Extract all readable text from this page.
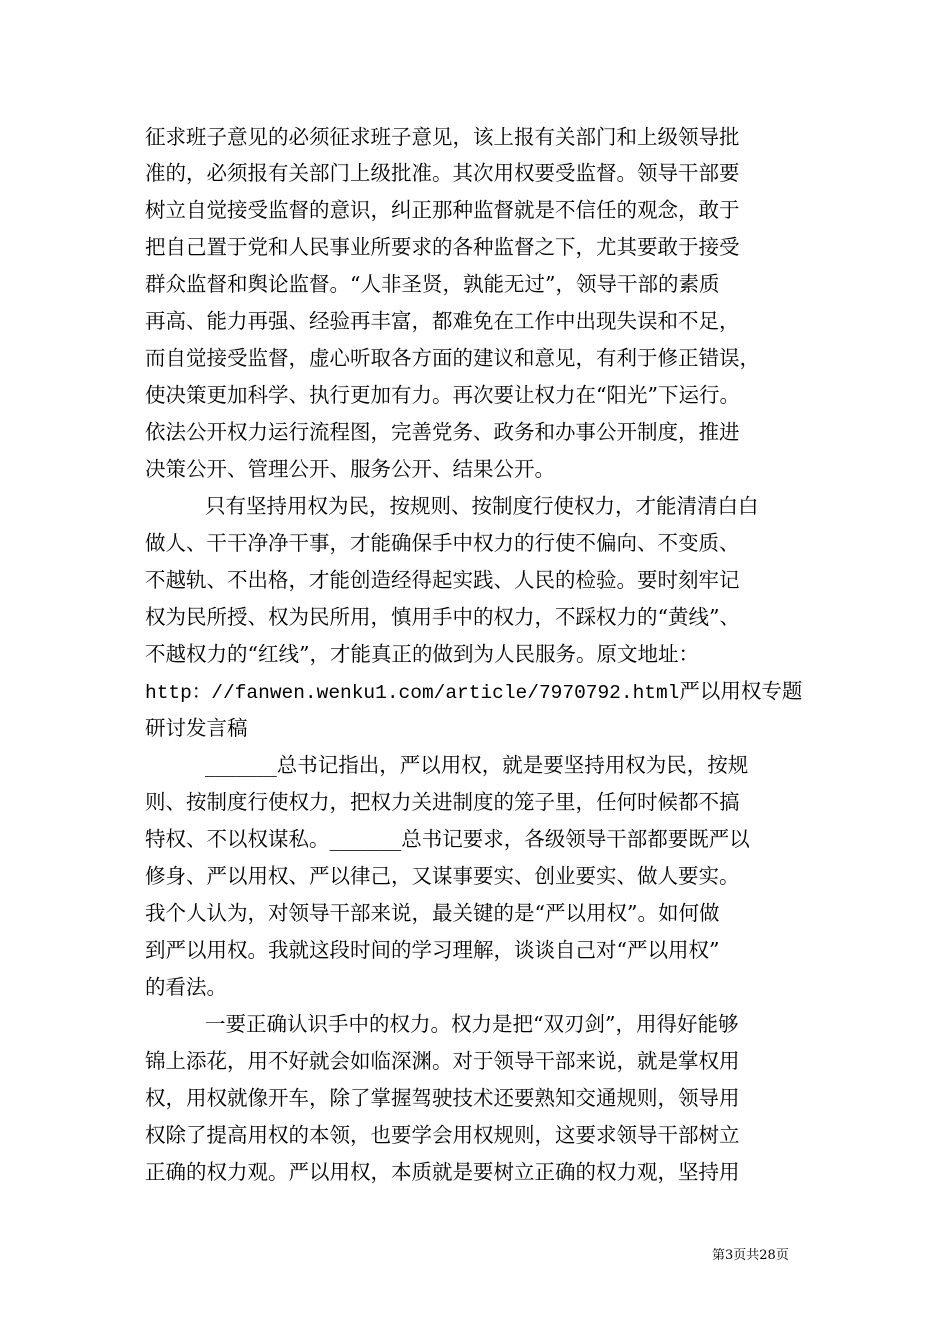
征求班子意见的必须征求班子意见，该上报有关部门和上级领导批
准的，必须报有关部门上级批准。其次用权要受监督。领导干部要
树立自觉接受监督的意识，纠正那种监督就是不信任的观念，敢于
把自己置于党和人民事业所要求的各种监督之下，尤其要敢于接受
群众监督和舆论监督。“人非圣贤，孰能无过”，领导干部的素质
再高、能力再强、经验再丰富，都难免在工作中出现失误和不足，
而自觉接受监督，虚心听取各方面的建议和意见，有利于修正错误，
使决策更加科学、执行更加有力。再次要让权力在“阳光”下运行。
依法公开权力运行流程图，完善党务、政务和办事公开制度，推进
决策公开、管理公开、服务公开、结果公开。
只有坚持用权为民，按规则、按制度行使权力，才能清清白白
做人、干干净净干事，才能确保手中权力的行使不偏向、不变质、
不越轨、不出格，才能创造经得起实践、人民的检验。要时刻牢记
权为民所授、权为民所用，慎用手中的权力，不踩权力的“黄线”、
不越权力的“红线”，才能真正的做到为人民服务。原文地址：
http：//fanwen.wenku1.com/article/7970792.html严以用权专题
研讨发言稿
_______总书记指出，严以用权，就是要坚持用权为民，按规
则、按制度行使权力，把权力关进制度的笼子里，任何时候都不搞
特权、不以权谋私。_______总书记要求，各级领导干部都要既严以
修身、严以用权、严以律己，又谋事要实、创业要实、做人要实。
我个人认为，对领导干部来说，最关键的是“严以用权”。如何做
到严以用权。我就这段时间的学习理解，谈谈自己对“严以用权”
的看法。
一要正确认识手中的权力。权力是把“双刃剑”，用得好能够
锦上添花，用不好就会如临深渊。对于领导干部来说，就是掌权用
权，用权就像开车，除了掌握驾驶技术还要熟知交通规则，领导用
权除了提高用权的本领，也要学会用权规则，这要求领导干部树立
正确的权力观。严以用权，本质就是要树立正确的权力观，坚持用
第3页共28页
